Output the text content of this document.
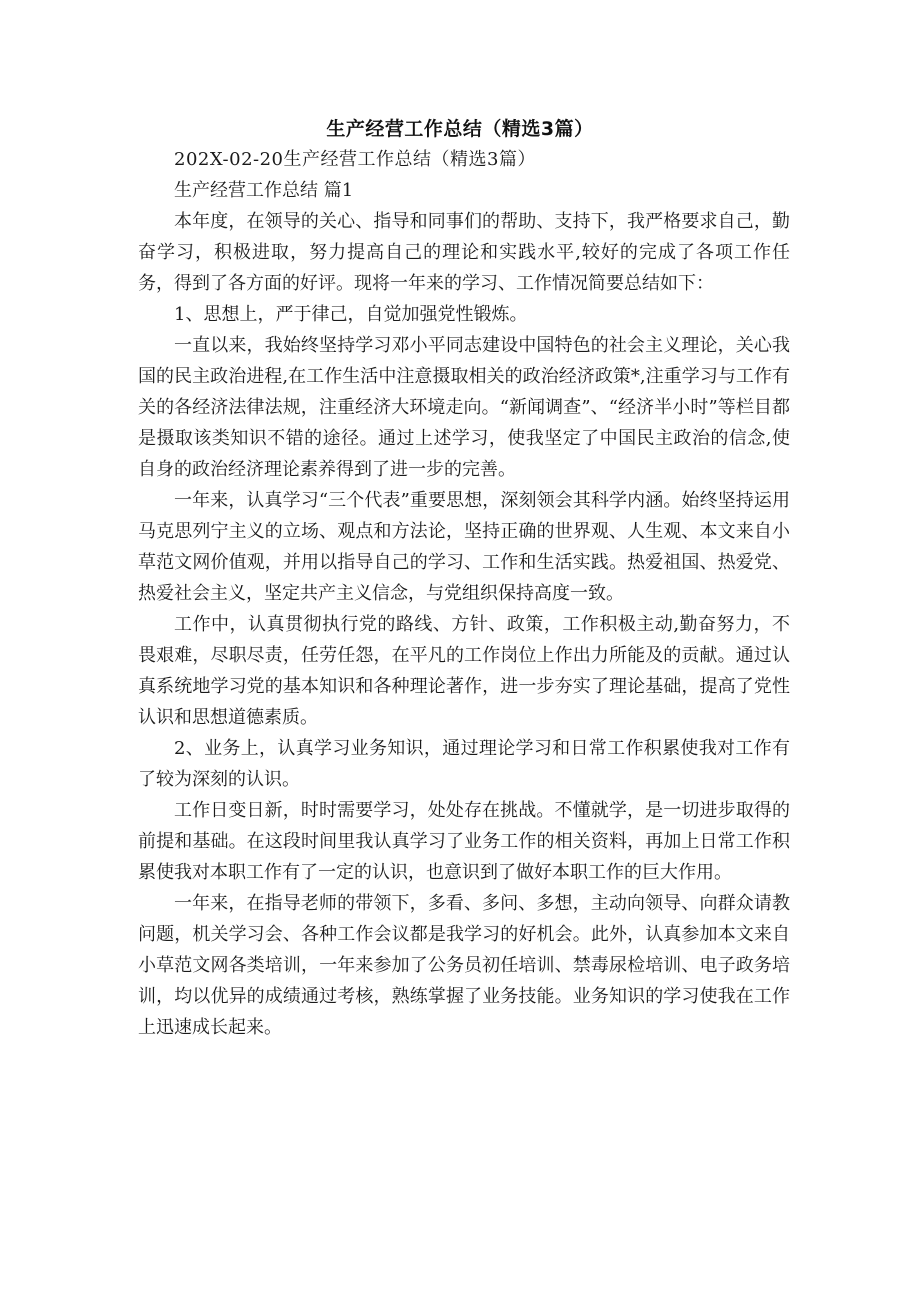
生产经营工作总结（精选3篇）

202X-02-20生产经营工作总结（精选3篇）

生产经营工作总结 篇1

本年度，在领导的关心、指导和同事们的帮助、支持下，我严格要求自己，勤奋学习，积极进取，努力提高自己的理论和实践水平,较好的完成了各项工作任务，得到了各方面的好评。现将一年来的学习、工作情况简要总结如下：

1、思想上，严于律己，自觉加强党性锻炼。

一直以来，我始终坚持学习邓小平同志建设中国特色的社会主义理论，关心我国的民主政治进程,在工作生活中注意摄取相关的政治经济政策*,注重学习与工作有关的各经济法律法规，注重经济大环境走向。“新闻调查”、“经济半小时”等栏目都是摄取该类知识不错的途径。通过上述学习，使我坚定了中国民主政治的信念,使自身的政治经济理论素养得到了进一步的完善。

一年来，认真学习“三个代表”重要思想，深刻领会其科学内涵。始终坚持运用马克思列宁主义的立场、观点和方法论，坚持正确的世界观、人生观、本文来自小草范文网价值观，并用以指导自己的学习、工作和生活实践。热爱祖国、热爱党、热爱社会主义，坚定共产主义信念，与党组织保持高度一致。

工作中，认真贯彻执行党的路线、方针、政策，工作积极主动,勤奋努力，不畏艰难，尽职尽责，任劳任怨，在平凡的工作岗位上作出力所能及的贡献。通过认真系统地学习党的基本知识和各种理论著作，进一步夯实了理论基础，提高了党性认识和思想道德素质。

2、业务上，认真学习业务知识，通过理论学习和日常工作积累使我对工作有了较为深刻的认识。

工作日变日新，时时需要学习，处处存在挑战。不懂就学，是一切进步取得的前提和基础。在这段时间里我认真学习了业务工作的相关资料，再加上日常工作积累使我对本职工作有了一定的认识，也意识到了做好本职工作的巨大作用。

一年来，在指导老师的带领下，多看、多问、多想，主动向领导、向群众请教问题，机关学习会、各种工作会议都是我学习的好机会。此外，认真参加本文来自小草范文网各类培训，一年来参加了公务员初任培训、禁毒尿检培训、电子政务培训，均以优异的成绩通过考核，熟练掌握了业务技能。业务知识的学习使我在工作上迅速成长起来。
